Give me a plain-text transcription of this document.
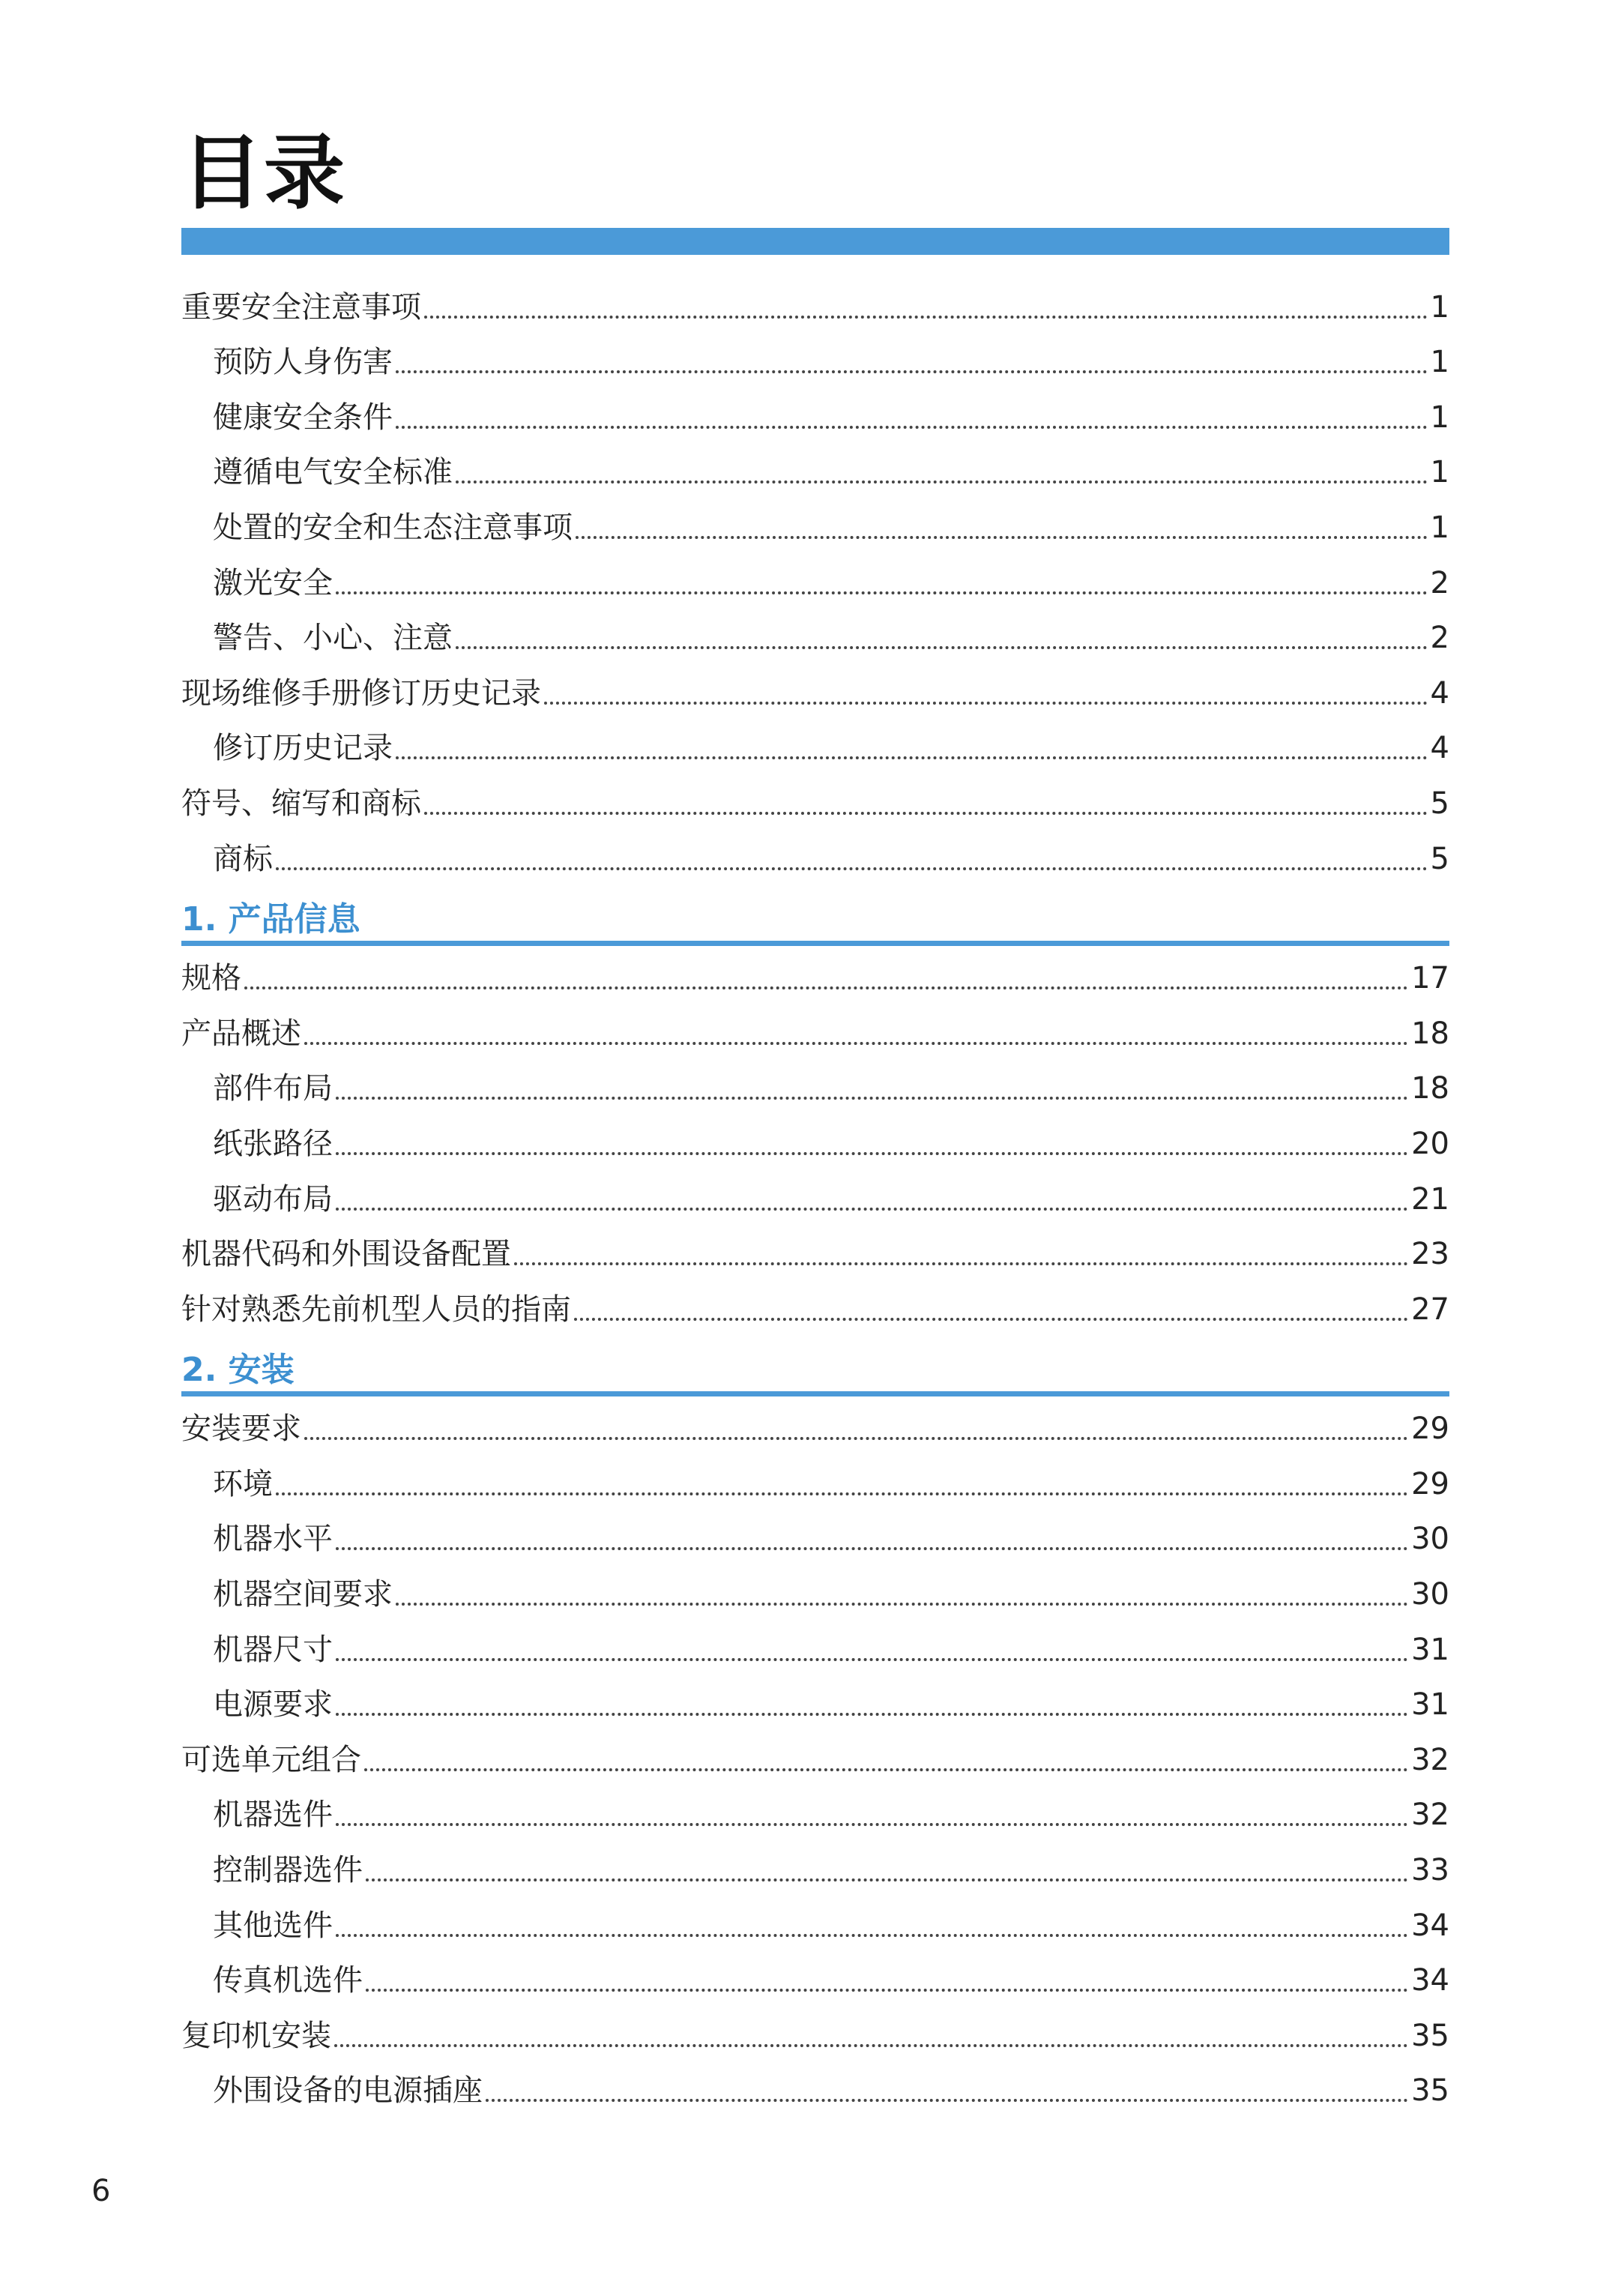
目录
重要安全注意事项	1
预防人身伤害	1
健康安全条件	1
遵循电气安全标准	1
处置的安全和生态注意事项	1
激光安全	2
警告、小心、注意	2
现场维修手册修订历史记录	4
修订历史记录	4
符号、缩写和商标	5
商标	5
1. 产品信息
规格	17
产品概述	18
部件布局	18
纸张路径	20
驱动布局	21
机器代码和外围设备配置	23
针对熟悉先前机型人员的指南	27
2. 安装
安装要求	29
环境	29
机器水平	30
机器空间要求	30
机器尺寸	31
电源要求	31
可选单元组合	32
机器选件	32
控制器选件	33
其他选件	34
传真机选件	34
复印机安装	35
外围设备的电源插座	35
6
